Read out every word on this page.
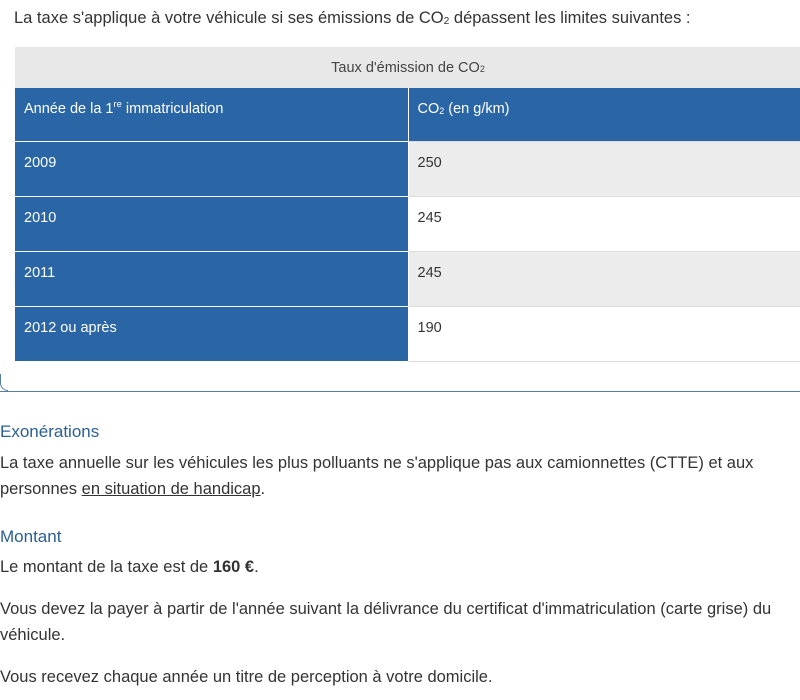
La taxe s'applique à votre véhicule si ses émissions de $CO_2$ dépassent les limites suivantes :

Taux d'émission de $CO_2$
Année de la 1re immatriculation	$CO_2$ (en g/km)
2009	250
2010	245
2011	245
2012 ou après	190
Exonérations

La taxe annuelle sur les véhicules les plus polluants ne s'applique pas aux camionnettes (CTTE) et aux personnes en situation de handicap.

Montant

Le montant de la taxe est de 160 €.

Vous devez la payer à partir de l'année suivant la délivrance du certificat d'immatriculation (carte grise) du véhicule.

Vous recevez chaque année un titre de perception à votre domicile.
